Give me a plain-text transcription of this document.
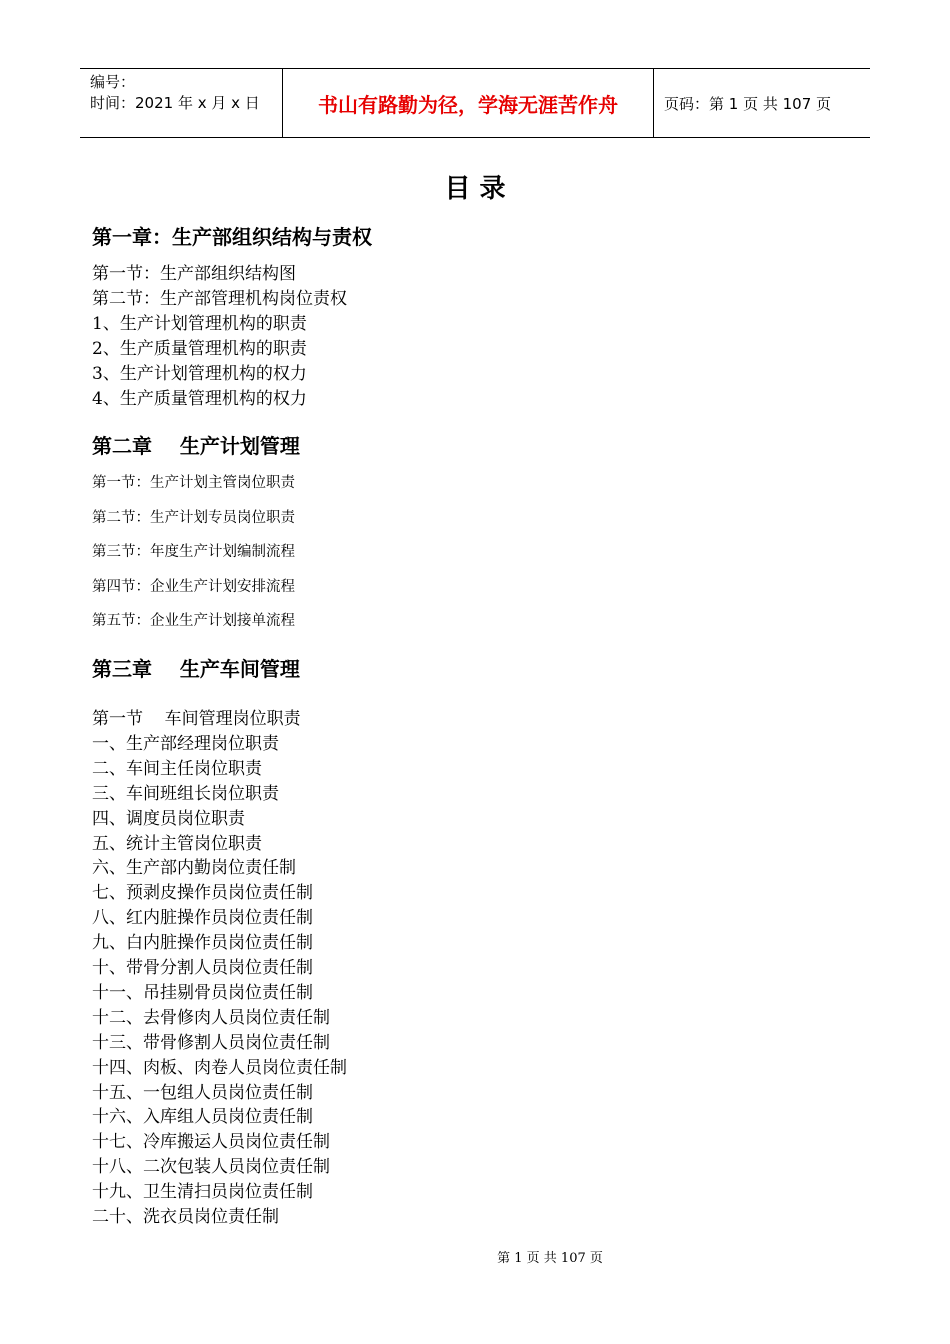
编号：
时间：2021 年 x 月 x 日	书山有路勤为径，学海无涯苦作舟	页码：第 1 页 共 107 页
目 录
第一章：生产部组织结构与责权
第一节：生产部组织结构图
第二节：生产部管理机构岗位责权
1、生产计划管理机构的职责
2、生产质量管理机构的职责
3、生产计划管理机构的权力
4、生产质量管理机构的权力
第二章    生产计划管理
第一节：生产计划主管岗位职责
第二节：生产计划专员岗位职责
第三节：年度生产计划编制流程
第四节：企业生产计划安排流程
第五节：企业生产计划接单流程
第三章    生产车间管理
第一节    车间管理岗位职责
一、生产部经理岗位职责
二、车间主任岗位职责
三、车间班组长岗位职责
四、调度员岗位职责
五、统计主管岗位职责
六、生产部内勤岗位责任制
七、预剥皮操作员岗位责任制
八、红内脏操作员岗位责任制
九、白内脏操作员岗位责任制
十、带骨分割人员岗位责任制
十一、吊挂剔骨员岗位责任制
十二、去骨修肉人员岗位责任制
十三、带骨修割人员岗位责任制
十四、肉板、肉卷人员岗位责任制
十五、一包组人员岗位责任制
十六、入库组人员岗位责任制
十七、冷库搬运人员岗位责任制
十八、二次包装人员岗位责任制
十九、卫生清扫员岗位责任制
二十、洗衣员岗位责任制
第 1 页 共 107 页
